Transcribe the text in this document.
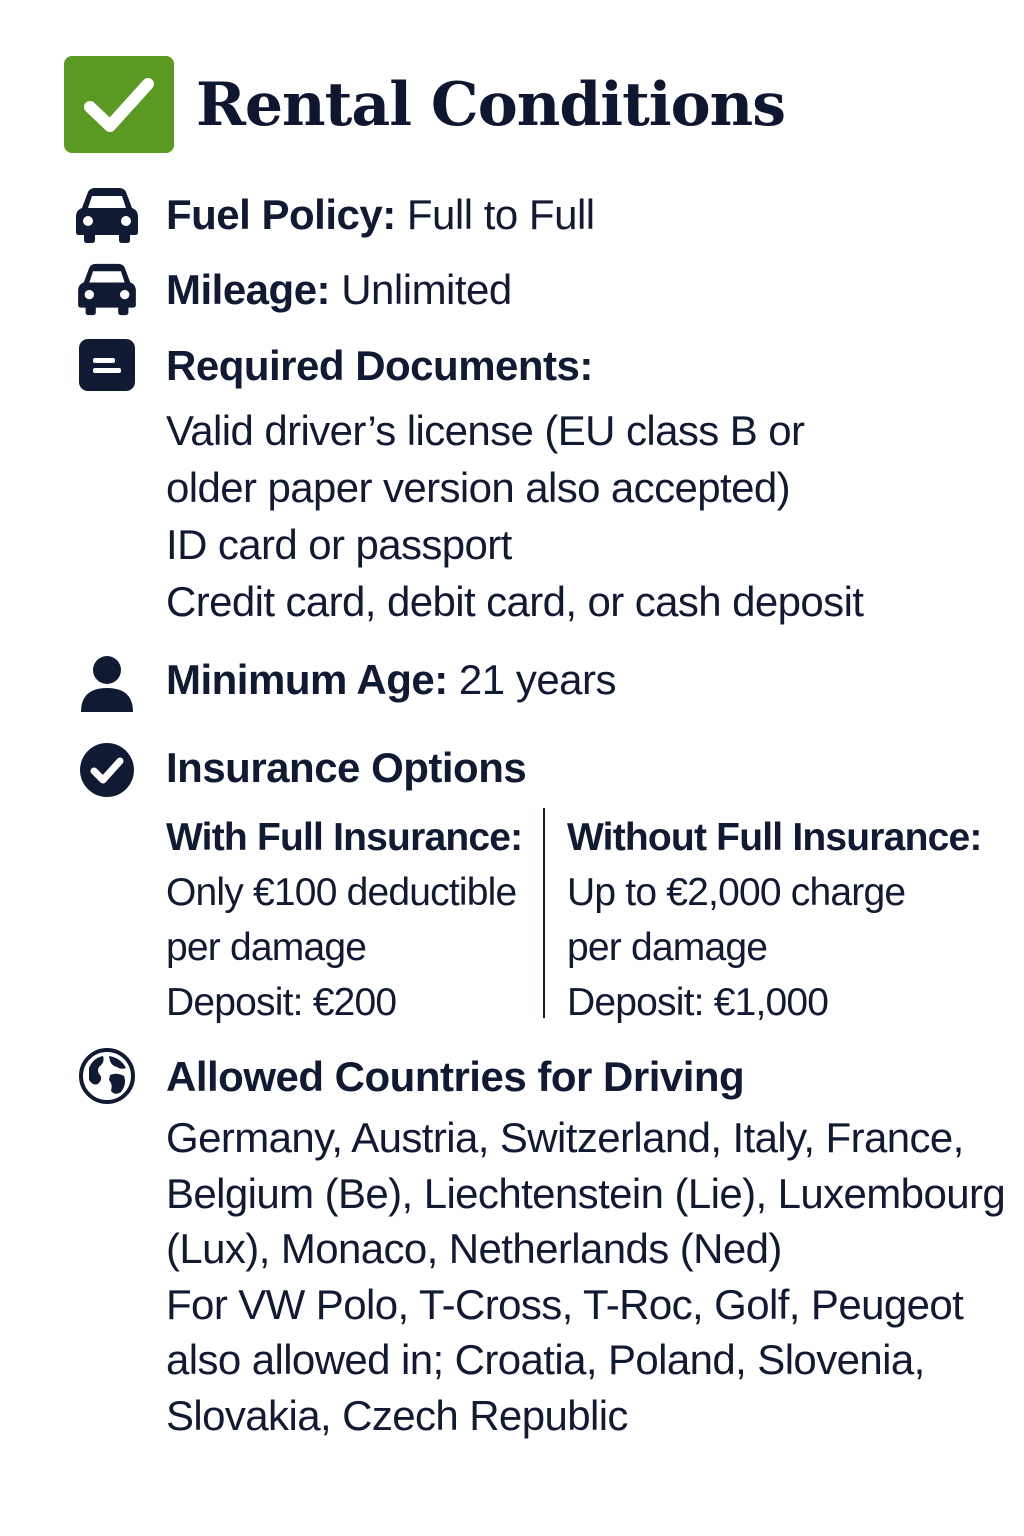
Rental Conditions
Fuel Policy: Full to Full
Mileage: Unlimited
Required Documents:
Valid driver’s license (EU class B or
older paper version also accepted)
ID card or passport
Credit card, debit card, or cash deposit
Minimum Age: 21 years
Insurance Options
With Full Insurance:
Only €100 deductible
per damage
Deposit: €200
Without Full Insurance:
Up to €2,000 charge
per damage
Deposit: €1,000
Allowed Countries for Driving
Germany, Austria, Switzerland, Italy, France,
Belgium (Be), Liechtenstein (Lie), Luxembourg
(Lux), Monaco, Netherlands (Ned)
For VW Polo, T-Cross, T-Roc, Golf, Peugeot
also allowed in; Croatia, Poland, Slovenia,
Slovakia, Czech Republic
